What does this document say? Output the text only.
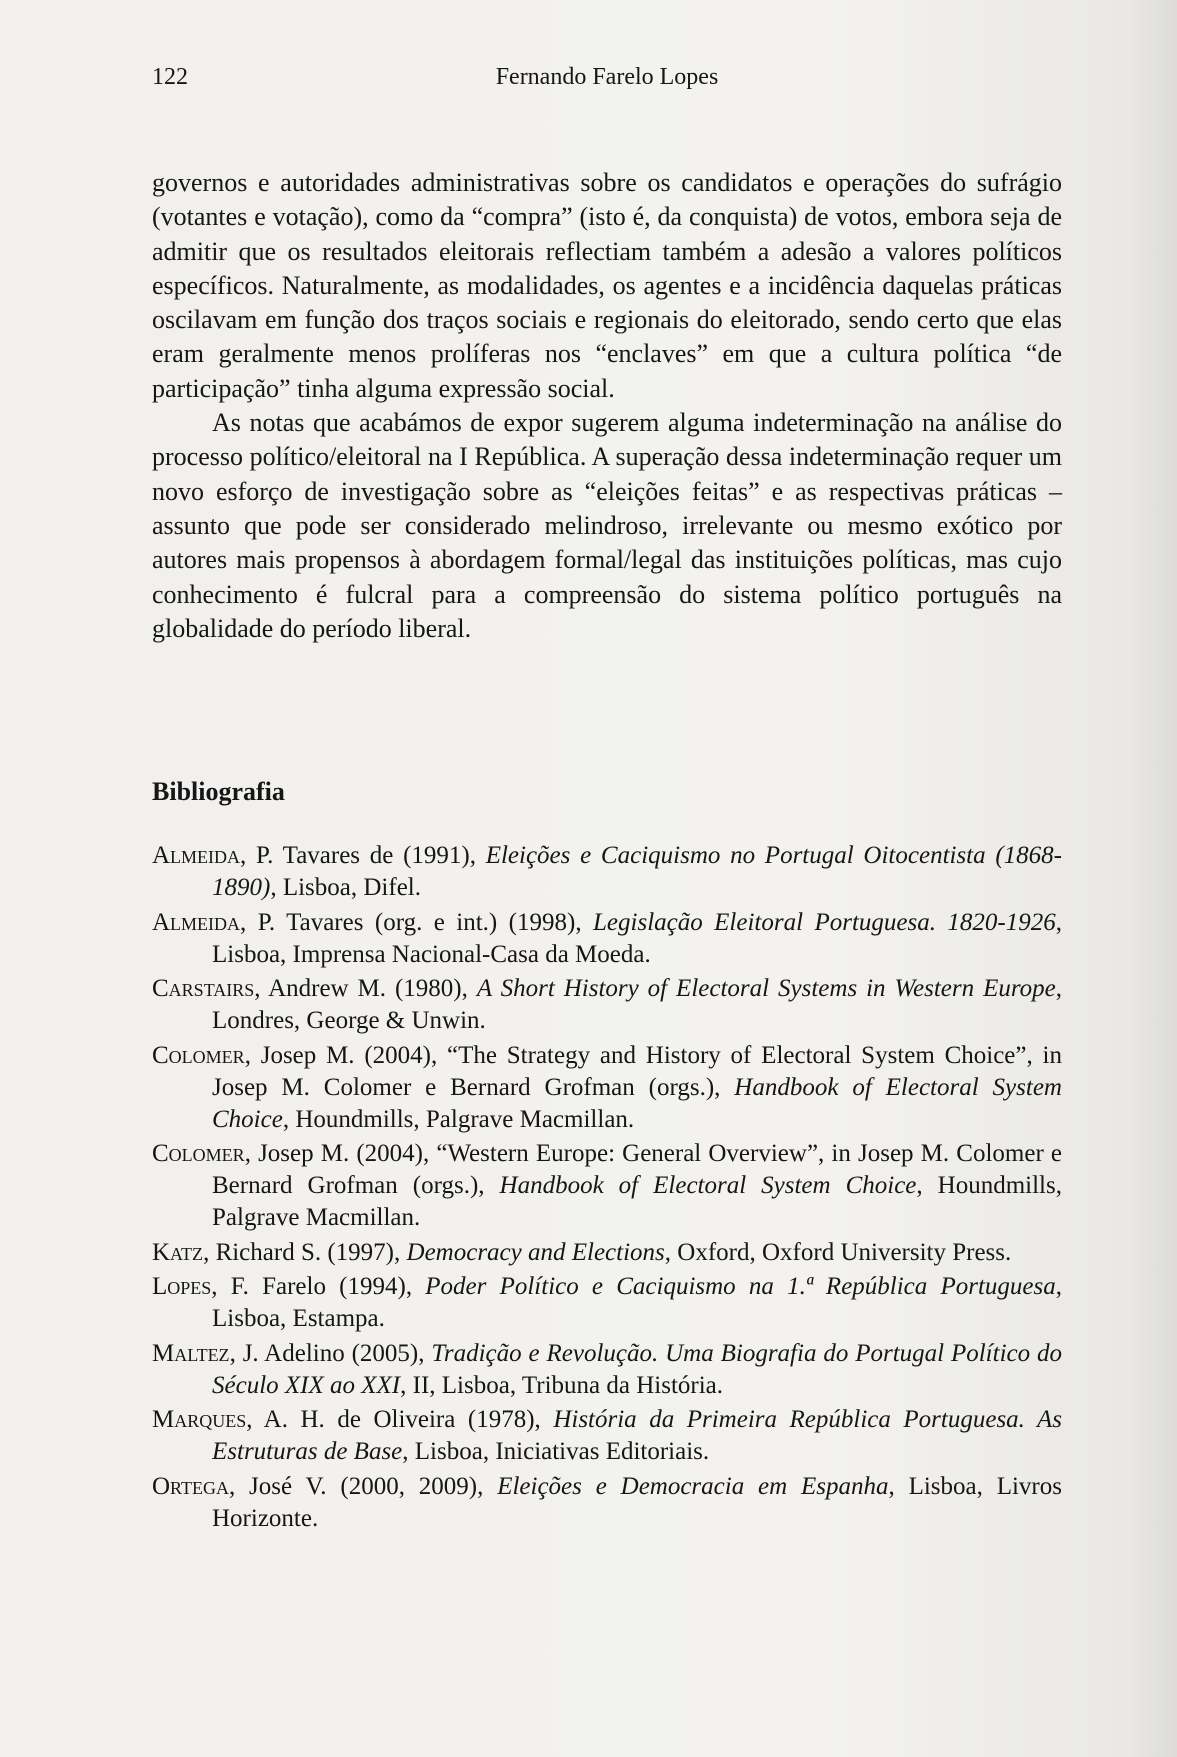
122	Fernando Farelo Lopes

governos e autoridades administrativas sobre os candidatos e operações do sufrágio (votantes e votação), como da “compra” (isto é, da conquista) de votos, embora seja de admitir que os resultados eleitorais reflectiam também a adesão a valores políticos específicos. Naturalmente, as modalidades, os agentes e a incidência daquelas práticas oscilavam em função dos traços sociais e regionais do eleitorado, sendo certo que elas eram geralmente menos prolíferas nos “enclaves” em que a cultura política “de participação” tinha alguma expressão social.

As notas que acabámos de expor sugerem alguma indeterminação na análise do processo político/eleitoral na I República. A superação dessa indeterminação requer um novo esforço de investigação sobre as “eleições feitas” e as respectivas práticas – assunto que pode ser considerado melindroso, irrelevante ou mesmo exótico por autores mais propensos à abordagem formal/legal das instituições políticas, mas cujo conhecimento é fulcral para a compreensão do sistema político português na globalidade do período liberal.

Bibliografia
Almeida, P. Tavares de (1991), Eleições e Caciquismo no Portugal Oitocentista (1868-1890), Lisboa, Difel.
Almeida, P. Tavares (org. e int.) (1998), Legislação Eleitoral Portuguesa. 1820-1926, Lisboa, Imprensa Nacional-Casa da Moeda.
Carstairs, Andrew M. (1980), A Short History of Electoral Systems in Western Europe, Londres, George & Unwin.
Colomer, Josep M. (2004), “The Strategy and History of Electoral System Choice”, in Josep M. Colomer e Bernard Grofman (orgs.), Handbook of Electoral System Choice, Houndmills, Palgrave Macmillan.
Colomer, Josep M. (2004), “Western Europe: General Overview”, in Josep M. Colomer e Bernard Grofman (orgs.), Handbook of Electoral System Choice, Houndmills, Palgrave Macmillan.
Katz, Richard S. (1997), Democracy and Elections, Oxford, Oxford University Press.
Lopes, F. Farelo (1994), Poder Político e Caciquismo na 1.ª República Portuguesa, Lisboa, Estampa.
Maltez, J. Adelino (2005), Tradição e Revolução. Uma Biografia do Portugal Político do Século XIX ao XXI, II, Lisboa, Tribuna da História.
Marques, A. H. de Oliveira (1978), História da Primeira República Portuguesa. As Estruturas de Base, Lisboa, Iniciativas Editoriais.
Ortega, José V. (2000, 2009), Eleições e Democracia em Espanha, Lisboa, Livros Horizonte.
